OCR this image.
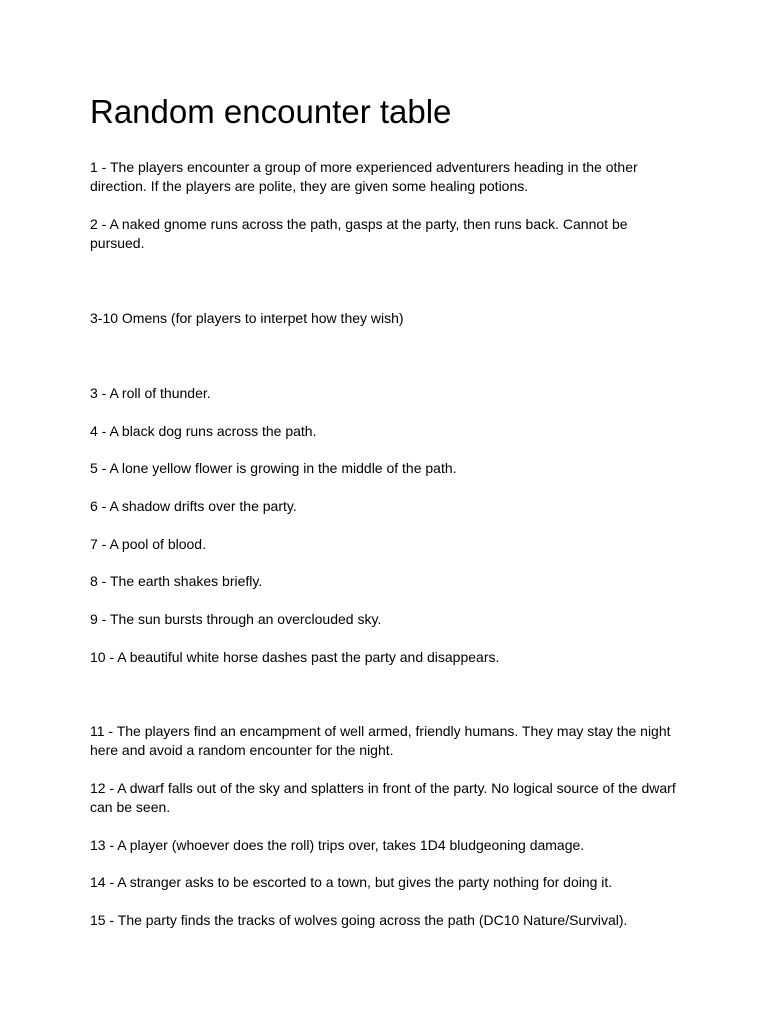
Random encounter table

1 - The players encounter a group of more experienced adventurers heading in the other direction. If the players are polite, they are given some healing potions.

2 - A naked gnome runs across the path, gasps at the party, then runs back. Cannot be pursued.

3-10 Omens (for players to interpet how they wish)

3 - A roll of thunder.

4 - A black dog runs across the path.

5 - A lone yellow flower is growing in the middle of the path.

6 - A shadow drifts over the party.

7 - A pool of blood.

8 - The earth shakes briefly.

9 - The sun bursts through an overclouded sky.

10 - A beautiful white horse dashes past the party and disappears.

11 - The players find an encampment of well armed, friendly humans. They may stay the night here and avoid a random encounter for the night.

12 - A dwarf falls out of the sky and splatters in front of the party. No logical source of the dwarf can be seen.

13 - A player (whoever does the roll) trips over, takes 1D4 bludgeoning damage.

14 - A stranger asks to be escorted to a town, but gives the party nothing for doing it.

15 - The party finds the tracks of wolves going across the path (DC10 Nature/Survival).
